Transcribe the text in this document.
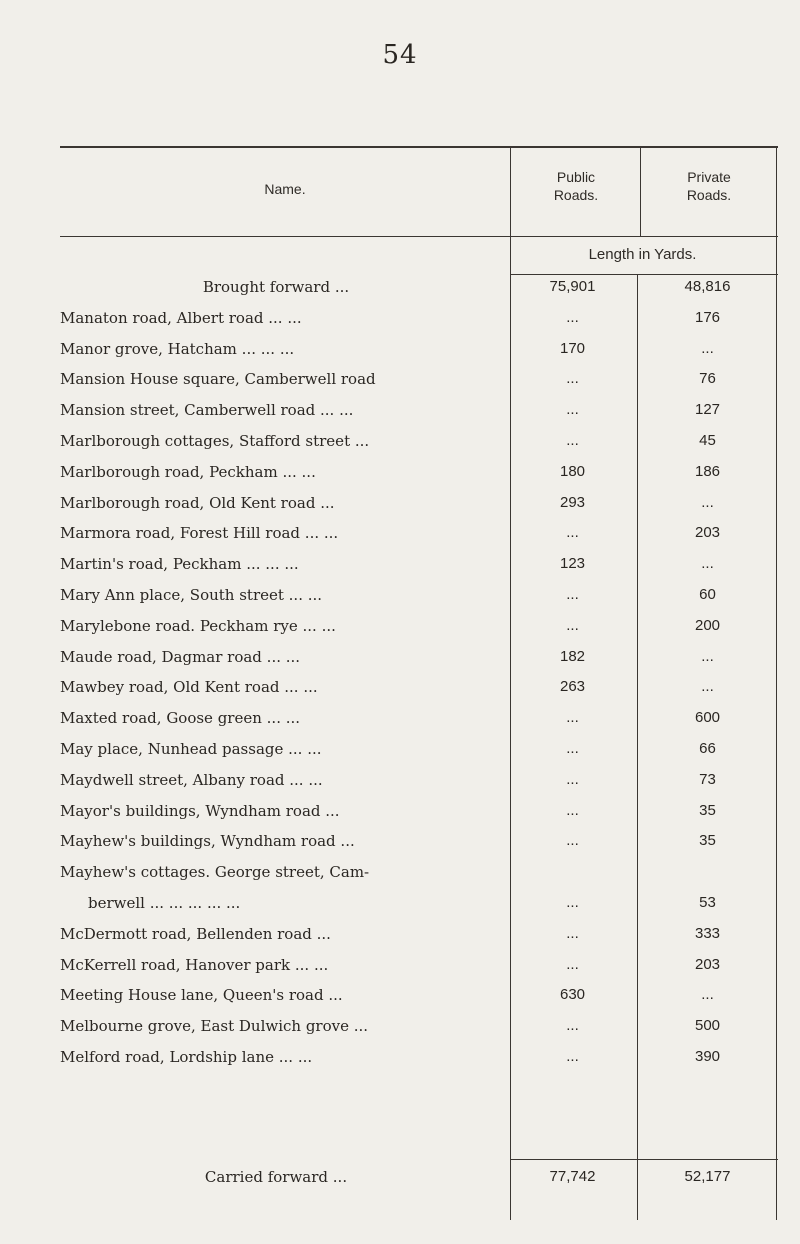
54
Name.
Public
Roads.
Private
Roads.
Length in Yards.
Brought forward ...	75,901	48,816
Manaton road, Albert road ... ...	...	176
Manor grove, Hatcham ... ... ...	170	...
Mansion House square, Camberwell road	...	76
Mansion street, Camberwell road ... ...	...	127
Marlborough cottages, Stafford street ...	...	45
Marlborough road, Peckham ... ...	180	186
Marlborough road, Old Kent road ...	293	...
Marmora road, Forest Hill road ... ...	...	203
Martin's road, Peckham ... ... ...	123	...
Mary Ann place, South street ... ...	...	60
Marylebone road. Peckham rye ... ...	...	200
Maude road, Dagmar road ... ...	182	...
Mawbey road, Old Kent road ... ...	263	...
Maxted road, Goose green ... ...	...	600
May place, Nunhead passage ... ...	...	66
Maydwell street, Albany road ... ...	...	73
Mayor's buildings, Wyndham road ...	...	35
Mayhew's buildings, Wyndham road ...	...	35
Mayhew's cottages. George street, Cam-
berwell ... ... ... ... ...	...	53
McDermott road, Bellenden road ...	...	333
McKerrell road, Hanover park ... ...	...	203
Meeting House lane, Queen's road ...	630	...
Melbourne grove, East Dulwich grove ...	...	500
Melford road, Lordship lane ... ...	...	390
Carried forward ...	77,742	52,177
